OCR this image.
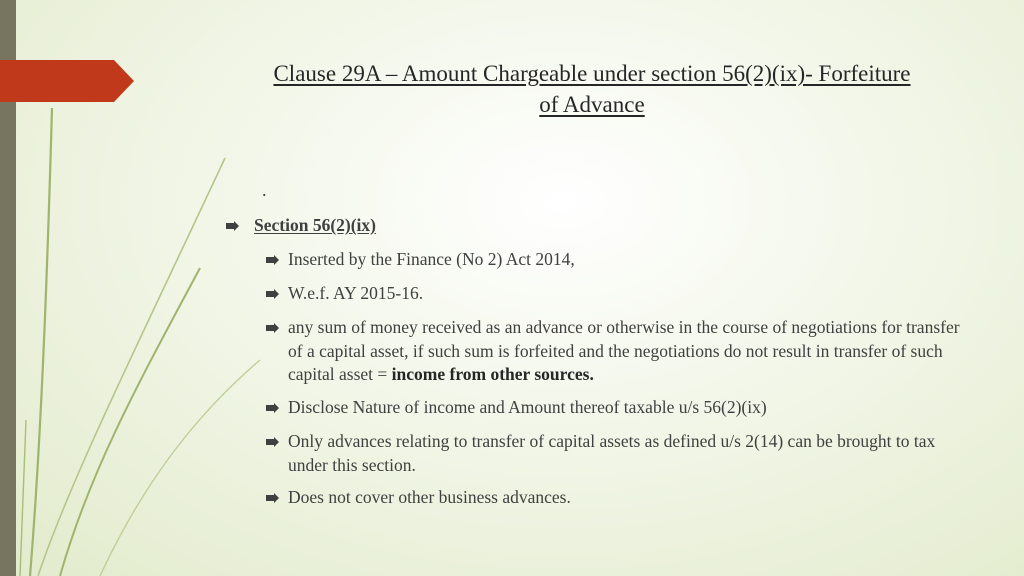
Clause 29A – Amount Chargeable under section 56(2)(ix)- Forfeiture
of Advance
.
Section 56(2)(ix)
Inserted by the Finance (No 2) Act 2014,
W.e.f. AY 2015-16.
any sum of money received as an advance or otherwise in the course of negotiations for transfer of a capital asset, if such sum is forfeited and the negotiations do not result in transfer of such capital asset = income from other sources.
Disclose Nature of income and Amount thereof taxable u/s 56(2)(ix)
Only advances relating to transfer of capital assets as defined u/s 2(14) can be brought to tax under this section.
Does not cover other business advances.
